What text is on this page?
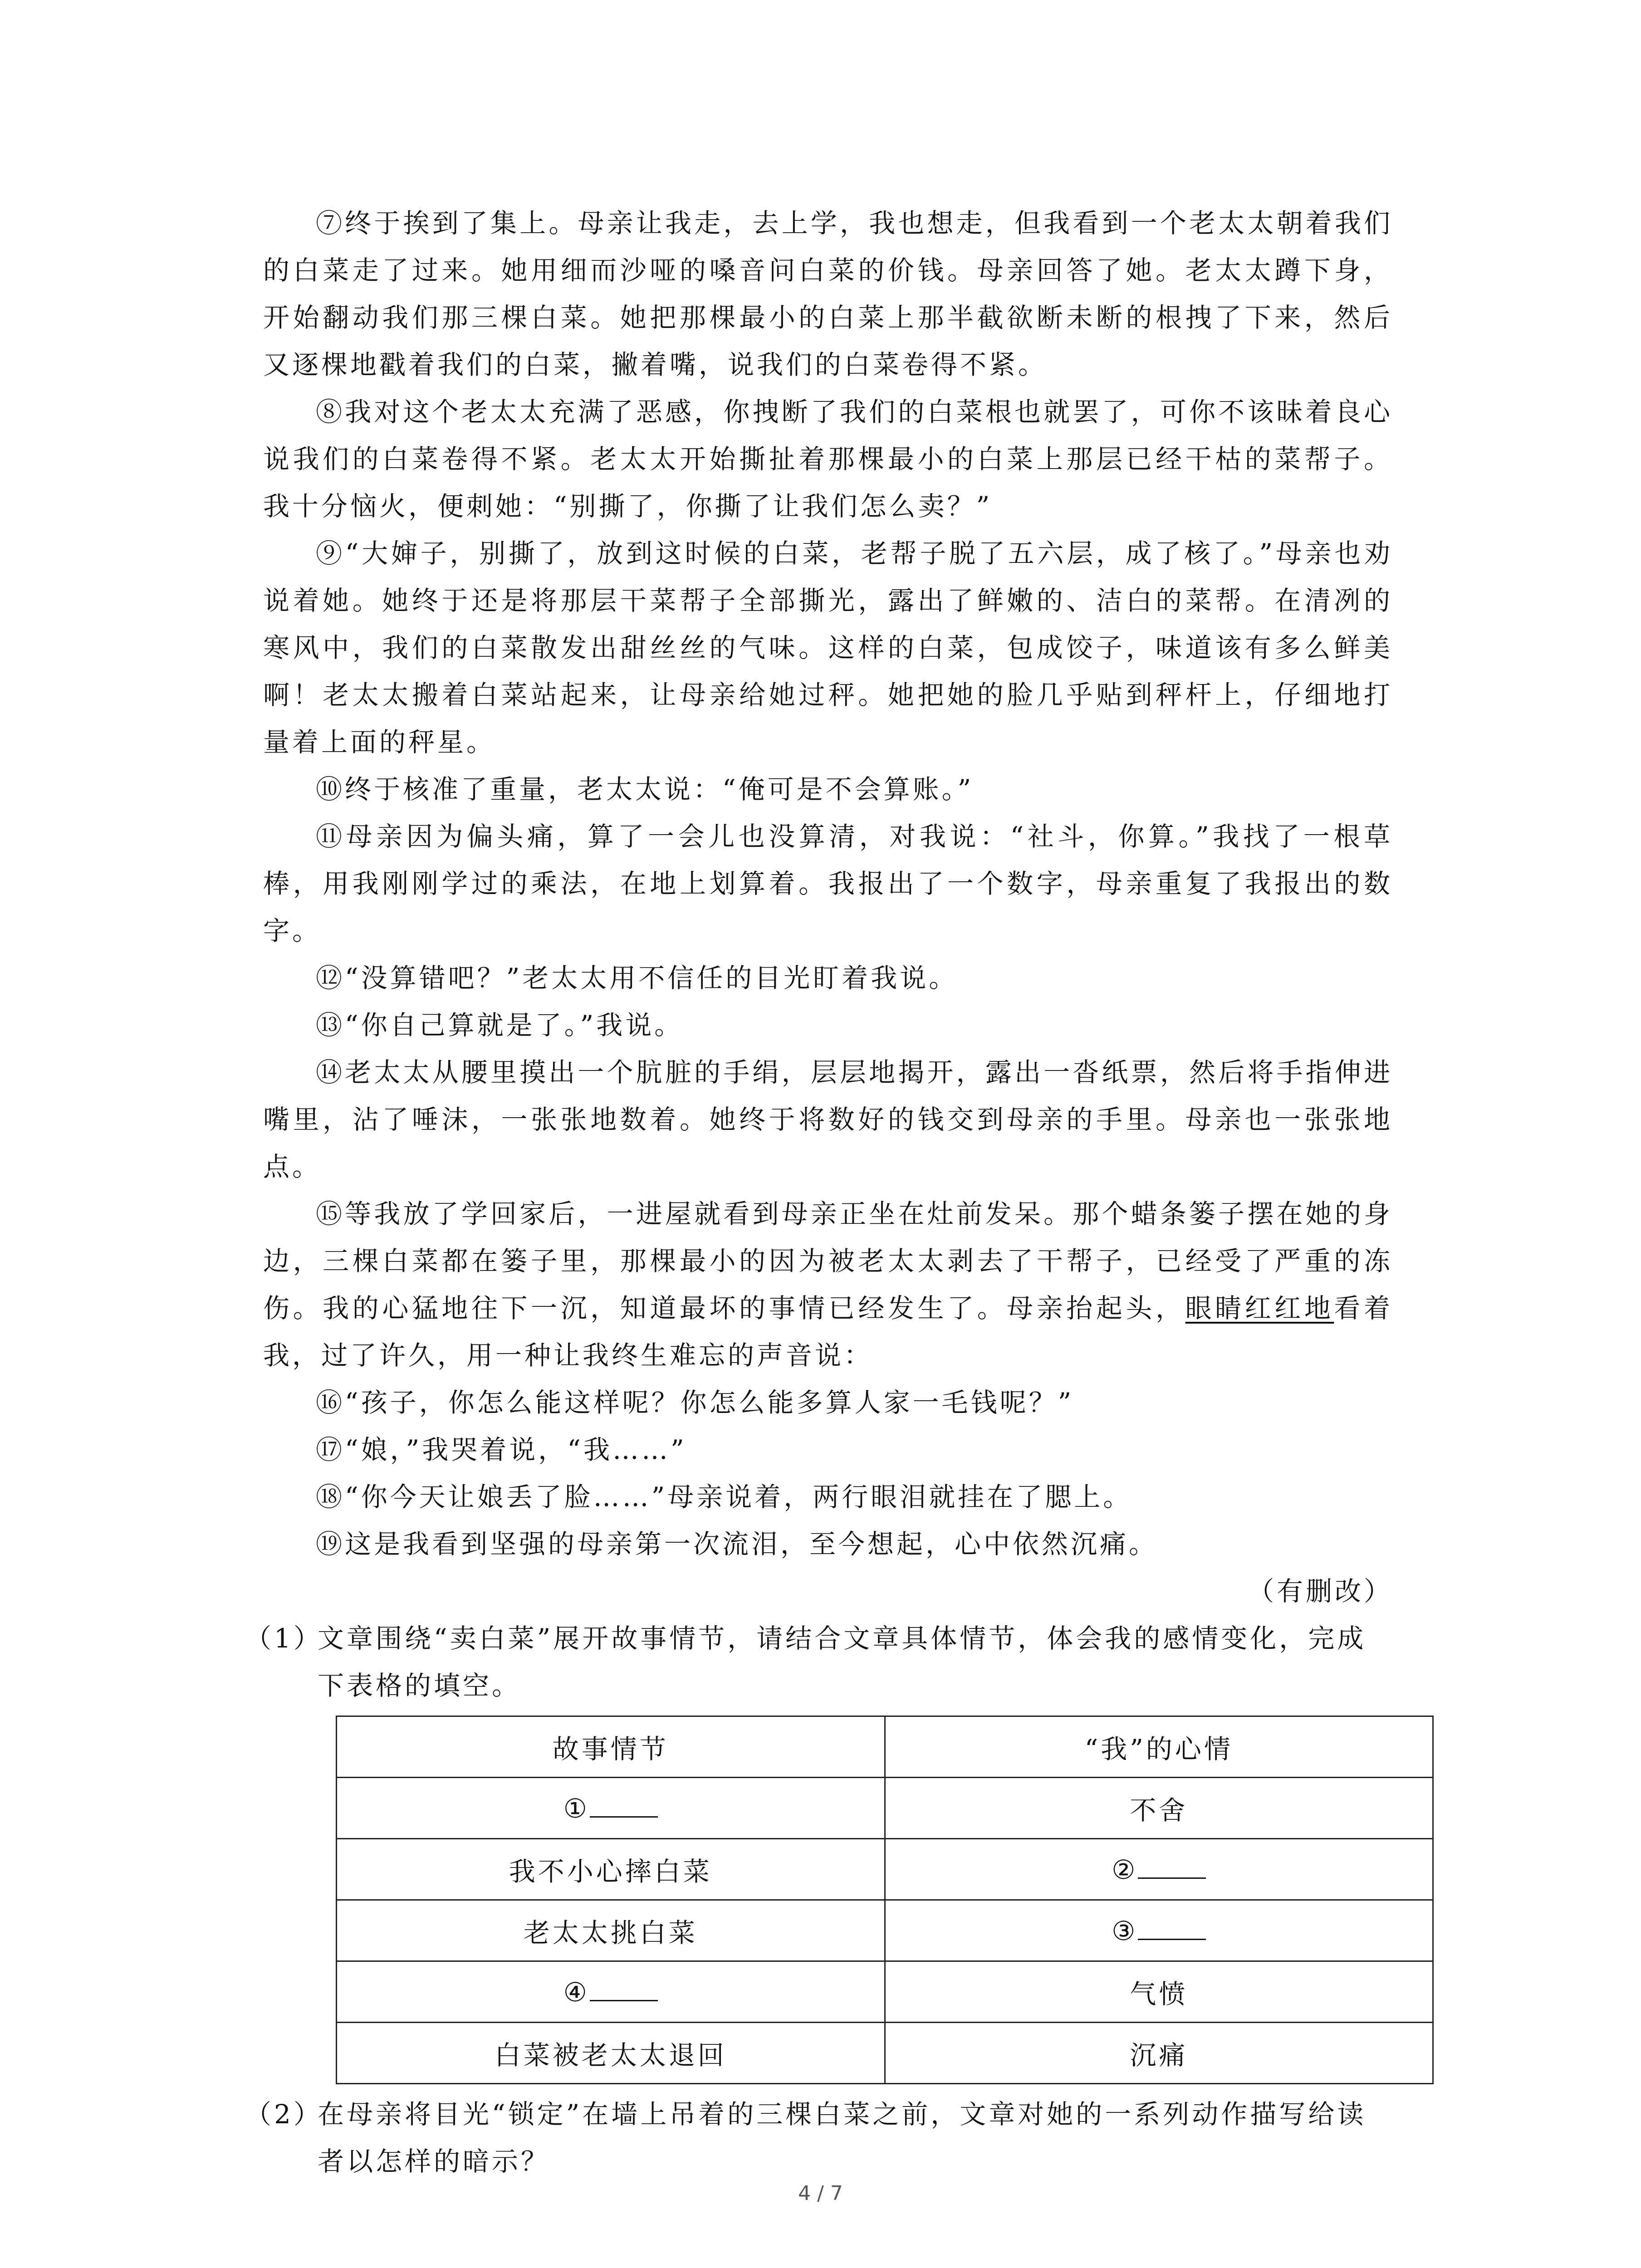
⑦终于挨到了集上。母亲让我走，去上学，我也想走，但我看到一个老太太朝着我们的白菜走了过来。她用细而沙哑的嗓音问白菜的价钱。母亲回答了她。老太太蹲下身，开始翻动我们那三棵白菜。她把那棵最小的白菜上那半截欲断未断的根拽了下来，然后又逐棵地戳着我们的白菜，撇着嘴，说我们的白菜卷得不紧。

⑧我对这个老太太充满了恶感，你拽断了我们的白菜根也就罢了，可你不该昧着良心说我们的白菜卷得不紧。老太太开始撕扯着那棵最小的白菜上那层已经干枯的菜帮子。我十分恼火，便刺她：“别撕了，你撕了让我们怎么卖？”

⑨“大婶子，别撕了，放到这时候的白菜，老帮子脱了五六层，成了核了。”母亲也劝说着她。她终于还是将那层干菜帮子全部撕光，露出了鲜嫩的、洁白的菜帮。在清冽的寒风中，我们的白菜散发出甜丝丝的气味。这样的白菜，包成饺子，味道该有多么鲜美啊！老太太搬着白菜站起来，让母亲给她过秤。她把她的脸几乎贴到秤杆上，仔细地打量着上面的秤星。

⑩终于核准了重量，老太太说：“俺可是不会算账。”

⑪母亲因为偏头痛，算了一会儿也没算清，对我说：“社斗，你算。”我找了一根草棒，用我刚刚学过的乘法，在地上划算着。我报出了一个数字，母亲重复了我报出的数字。

⑫“没算错吧？”老太太用不信任的目光盯着我说。

⑬“你自己算就是了。”我说。

⑭老太太从腰里摸出一个肮脏的手绢，层层地揭开，露出一沓纸票，然后将手指伸进嘴里，沾了唾沫，一张张地数着。她终于将数好的钱交到母亲的手里。母亲也一张张地点。

⑮等我放了学回家后，一进屋就看到母亲正坐在灶前发呆。那个蜡条篓子摆在她的身边，三棵白菜都在篓子里，那棵最小的因为被老太太剥去了干帮子，已经受了严重的冻伤。我的心猛地往下一沉，知道最坏的事情已经发生了。母亲抬起头，眼睛红红地看着我，过了许久，用一种让我终生难忘的声音说：

⑯“孩子，你怎么能这样呢？你怎么能多算人家一毛钱呢？”

⑰“娘，”我哭着说，“我……”

⑱“你今天让娘丢了脸……”母亲说着，两行眼泪就挂在了腮上。

⑲这是我看到坚强的母亲第一次流泪，至今想起，心中依然沉痛。

（有删改）

（1）
文章围绕“卖白菜”展开故事情节，请结合文章具体情节，体会我的感情变化，完成下表格的填空。

故事情节	“我”的心情
①	不舍
我不小心摔白菜	②
老太太挑白菜	③
④	气愤
白菜被老太太退回	沉痛

（2）
在母亲将目光“锁定”在墙上吊着的三棵白菜之前，文章对她的一系列动作描写给读者以怎样的暗示？

4 / 7
